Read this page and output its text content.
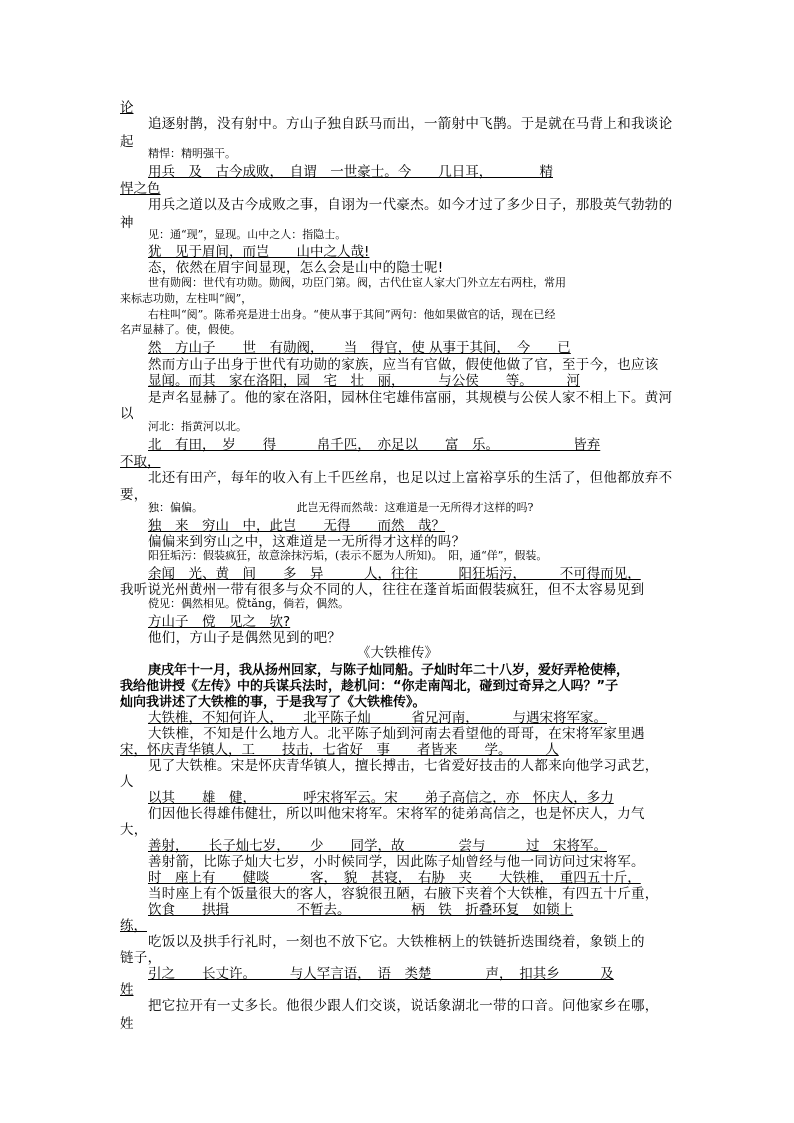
论
追逐射鹊，没有射中。方山子独自跃马而出，一箭射中飞鹊。于是就在马背上和我谈论
起
精悍：精明强干。
用兵　及　古今成败，　自谓　一世豪士。今　　几日耳，　　　　精
悍之色
用兵之道以及古今成败之事，自诩为一代豪杰。如今才过了多少日子，那股英气勃勃的
神
见：通“现”，显现。山中之人：指隐士。
犹　见于眉间，而岂　　山中之人哉!
态，依然在眉宇间显现，怎么会是山中的隐士呢!
世有勋阀：世代有功勋。勋阀，功臣门第。阀，古代仕宦人家大门外立左右两柱，常用
来标志功勋，左柱叫“阀”，
右柱叫“阅”。陈希亮是进士出身。“使从事于其间”两句：他如果做官的话，现在已经
名声显赫了。使，假使。
然　方山子　　世　有勋阀，　　当　得官，使 从事于其间，　今　　已
然而方山子出身于世代有功勋的家族，应当有官做，假使他做了官，至于今，也应该
显闻。而其　家在洛阳，园　宅　壮　丽，　　　与公侯　　等。　　　河
是声名显赫了。他的家在洛阳，园林住宅雄伟富丽，其规模与公侯人家不相上下。黄河
以
河北：指黄河以北。
北　有田，　岁　　得　　　帛千匹，　亦足以　　富　乐。　　　　　　皆弃
不取，
北还有田产，每年的收入有上千匹丝帛，也足以过上富裕享乐的生活了，但他都放弃不
要，
独：偏偏。　　　　　　　　　此岂无得而然哉：这难道是一无所得才这样的吗?
独　来　穷山　中，此岂　　无得　　而然　哉？
偏偏来到穷山之中，这难道是一无所得才这样的吗？
阳狂垢污：假装疯狂，故意涂抹污垢，(表示不愿为人所知)。　阳，通“佯”，假装。
余闻　光、黄　间　　多　异　　　人，往往　　　阳狂垢污，　　　不可得而见，
我听说光州黄州一带有很多与众不同的人，往往在蓬首垢面假装疯狂，但不太容易见到
傥见：偶然相见。傥tǎng，倘若，偶然。
方山子　傥　见之　欤?
他们，方山子是偶然见到的吧？
《大铁椎传》
庚戌年十一月，我从扬州回家，与陈子灿同船。子灿时年二十八岁，爱好弄枪使棒，
我给他讲授《左传》中的兵谋兵法时，趁机问：“你走南闯北，碰到过奇异之人吗？”子
灿向我讲述了大铁椎的事，于是我写了《大铁椎传》。
大铁椎，不知何许人，　　北平陈子灿　　　省兄河南，　　　与遇宋将军家。
大铁椎，不知是什么地方人。北平陈子灿到河南去看望他的哥哥，在宋将军家里遇
宋，怀庆青华镇人，工　　技击，七省好　事　　者皆来　　学。　　　人
见了大铁椎。宋是怀庆青华镇人，擅长搏击，七省爱好技击的人都来向他学习武艺，
人
以其　　雄　健，　　　　呼宋将军云。宋　　弟子高信之，亦　怀庆人，多力
们因他长得雄伟健壮，所以叫他宋将军。宋将军的徒弟高信之，也是怀庆人，力气
大，
善射，　　长子灿七岁，　　少　　同学，故　　　　尝与　　　过　宋将军。
善射箭，比陈子灿大七岁，小时候同学，因此陈子灿曾经与他一同访问过宋将军。
时　座上有　　健啖　　　客，　貌　甚寝，　右胁　夹　　大铁椎，　重四五十斤，
当时座上有个饭量很大的客人，容貌很丑陋，右腋下夹着个大铁椎，有四五十斤重，
饮食　　拱揖　　　　　不暂去。　　　　　柄　铁　折叠环复　如锁上
练，
吃饭以及拱手行礼时，一刻也不放下它。大铁椎柄上的铁链折迭围绕着，象锁上的
链子，
引之　　长丈许。　　　与人罕言语，　语　类楚　　　　声，　扣其乡　　　及
姓
把它拉开有一丈多长。他很少跟人们交谈，说话象湖北一带的口音。问他家乡在哪，
姓
